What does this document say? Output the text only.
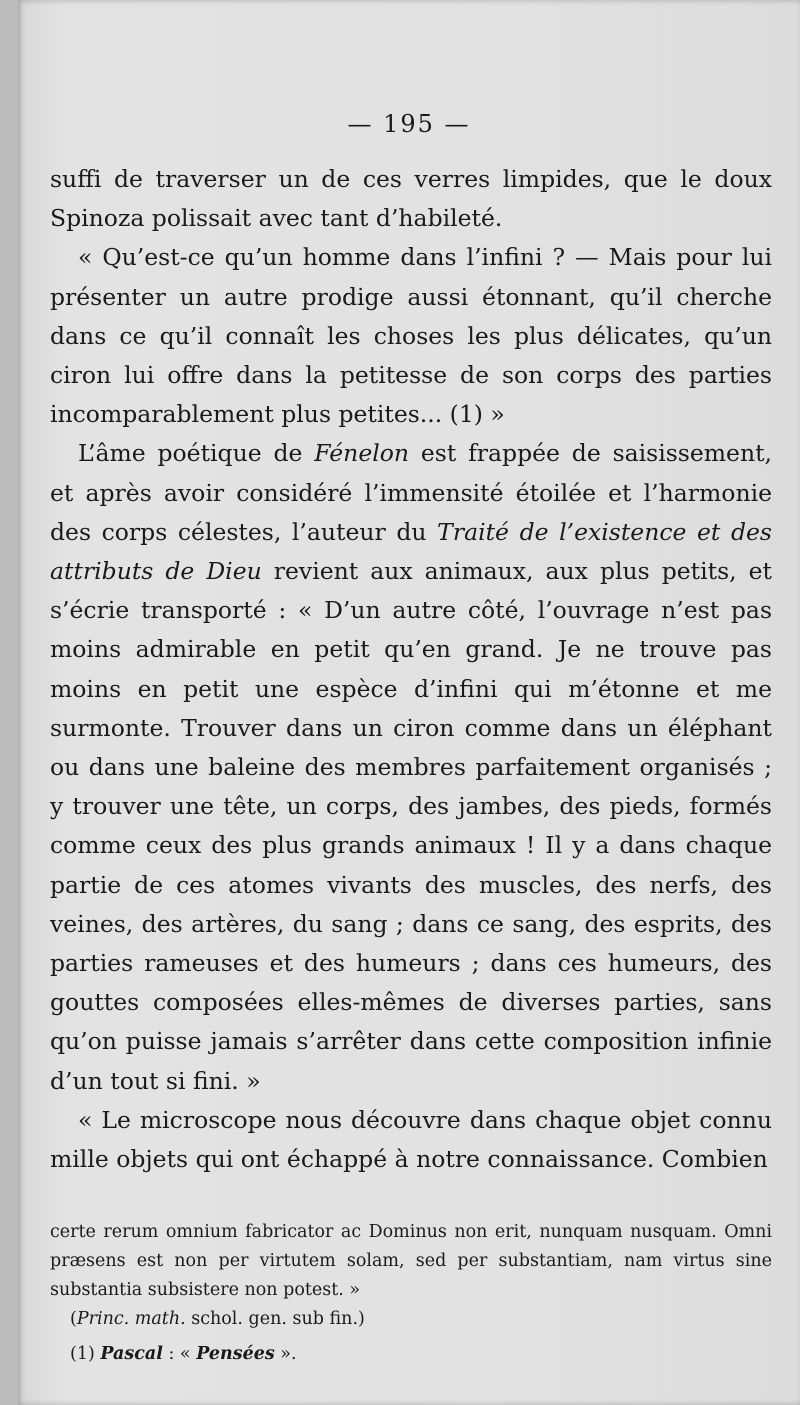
— 195 —

suffi de traverser un de ces verres limpides, que le doux Spinoza polissait avec tant d’habileté.

« Qu’est-ce qu’un homme dans l’infini ? — Mais pour lui présenter un autre prodige aussi étonnant, qu’il cherche dans ce qu’il connaît les choses les plus délicates, qu’un ciron lui offre dans la petitesse de son corps des parties incomparablement plus petites... (1) »

L’âme poétique de Fénelon est frappée de saisissement, et après avoir considéré l’immensité étoilée et l’harmonie des corps célestes, l’auteur du Traité de l’existence et des attributs de Dieu revient aux animaux, aux plus petits, et s’écrie transporté : « D’un autre côté, l’ouvrage n’est pas moins admirable en petit qu’en grand. Je ne trouve pas moins en petit une espèce d’infini qui m’étonne et me surmonte. Trouver dans un ciron comme dans un éléphant ou dans une baleine des membres parfaitement organisés ; y trouver une tête, un corps, des jambes, des pieds, formés comme ceux des plus grands animaux ! Il y a dans chaque partie de ces atomes vivants des muscles, des nerfs, des veines, des artères, du sang ; dans ce sang, des esprits, des parties rameuses et des humeurs ; dans ces humeurs, des gouttes composées elles-mêmes de diverses parties, sans qu’on puisse jamais s’arrêter dans cette composition infinie d’un tout si fini. »

« Le microscope nous découvre dans chaque objet connu mille objets qui ont échappé à notre connaissance. Combien

certe rerum omnium fabricator ac Dominus non erit, nunquam nusquam. Omni præsens est non per virtutem solam, sed per substantiam, nam virtus sine substantia subsistere non potest. »

(Princ. math. schol. gen. sub fin.)

(1) Pascal : « Pensées ».
